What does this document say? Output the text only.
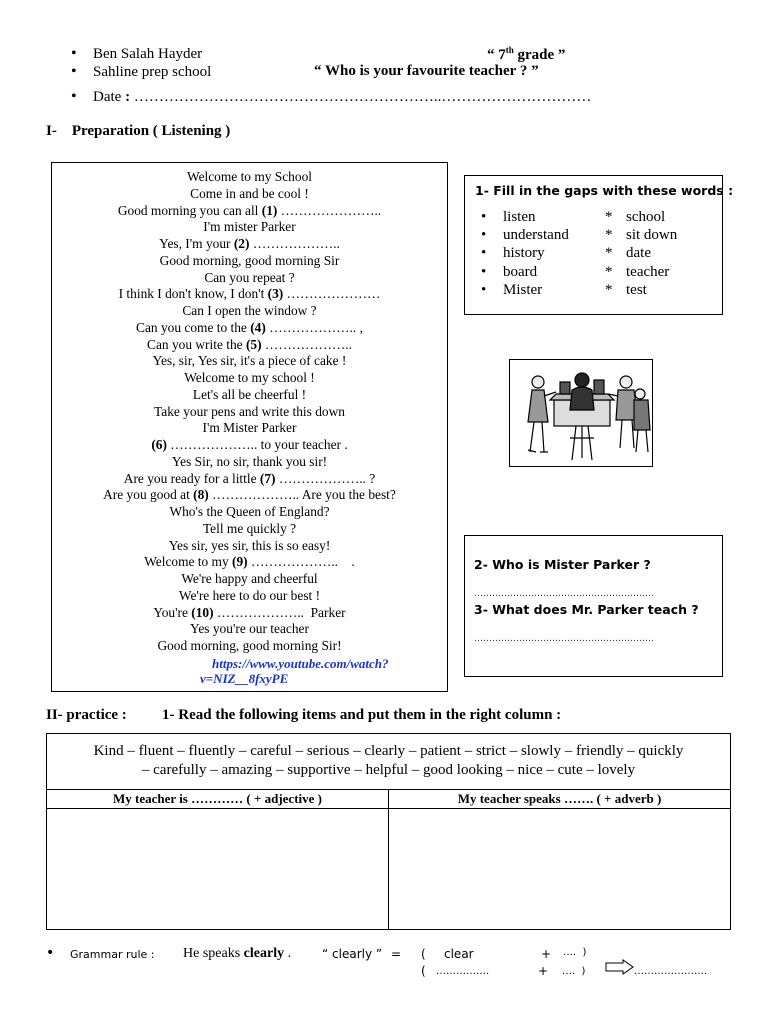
• Ben Salah Hayder
• Sahline prep school
• Date : ……………………………………………………..…………………………
“ 7th grade ”
“ Who is your favourite teacher ? ”
I-    Preparation ( Listening )
Welcome to my School
Come in and be cool !
Good morning you can all (1) …………………..
I'm mister Parker
Yes, I'm your (2) ………………..
Good morning, good morning Sir
Can you repeat ?
I think I don't know, I don't (3) …………………
Can I open the window ?
Can you come to the (4) ……………….. ,
Can you write the (5) ………………..
Yes, sir, Yes sir, it's a piece of cake !
Welcome to my school !
Let's all be cheerful !
Take your pens and write this down
I'm Mister Parker
(6) ……………….. to your teacher .
Yes Sir, no sir, thank you sir!
Are you ready for a little (7) ……………….. ?
Are you good at (8) ……………….. Are you the best?
Who's the Queen of England?
Tell me quickly ?
Yes sir, yes sir, this is so easy!
Welcome to my (9) ………………..    .
We're happy and cheerful
We're here to do our best !
You're (10) ………………..  Parker
Yes you're our teacher
Good morning, good morning Sir!
https://www.youtube.com/watch?
v=NIZ__8fxyPE
1- Fill in the gaps with these words :
• listen	* school
• understand * sit down
• history	* date
• board	* teacher
• Mister	* test
2- Who is Mister Parker ?
……………………………………………………
3- What does Mr. Parker teach ?
……………………………………………………
II- practice : 1- Read the following items and put them in the right column :
Kind – fluent – fluently – careful – serious – clearly – patient – strict – slowly – friendly – quickly
– carefully – amazing – supportive – helpful – good looking – nice – cute – lovely
My teacher is ………… ( + adjective )	My teacher speaks ……. ( + adverb )

• Grammar rule : He speaks clearly .	“ clearly ” = ( clear	+ ….  )
( …………….	+ ….  )	………………….
